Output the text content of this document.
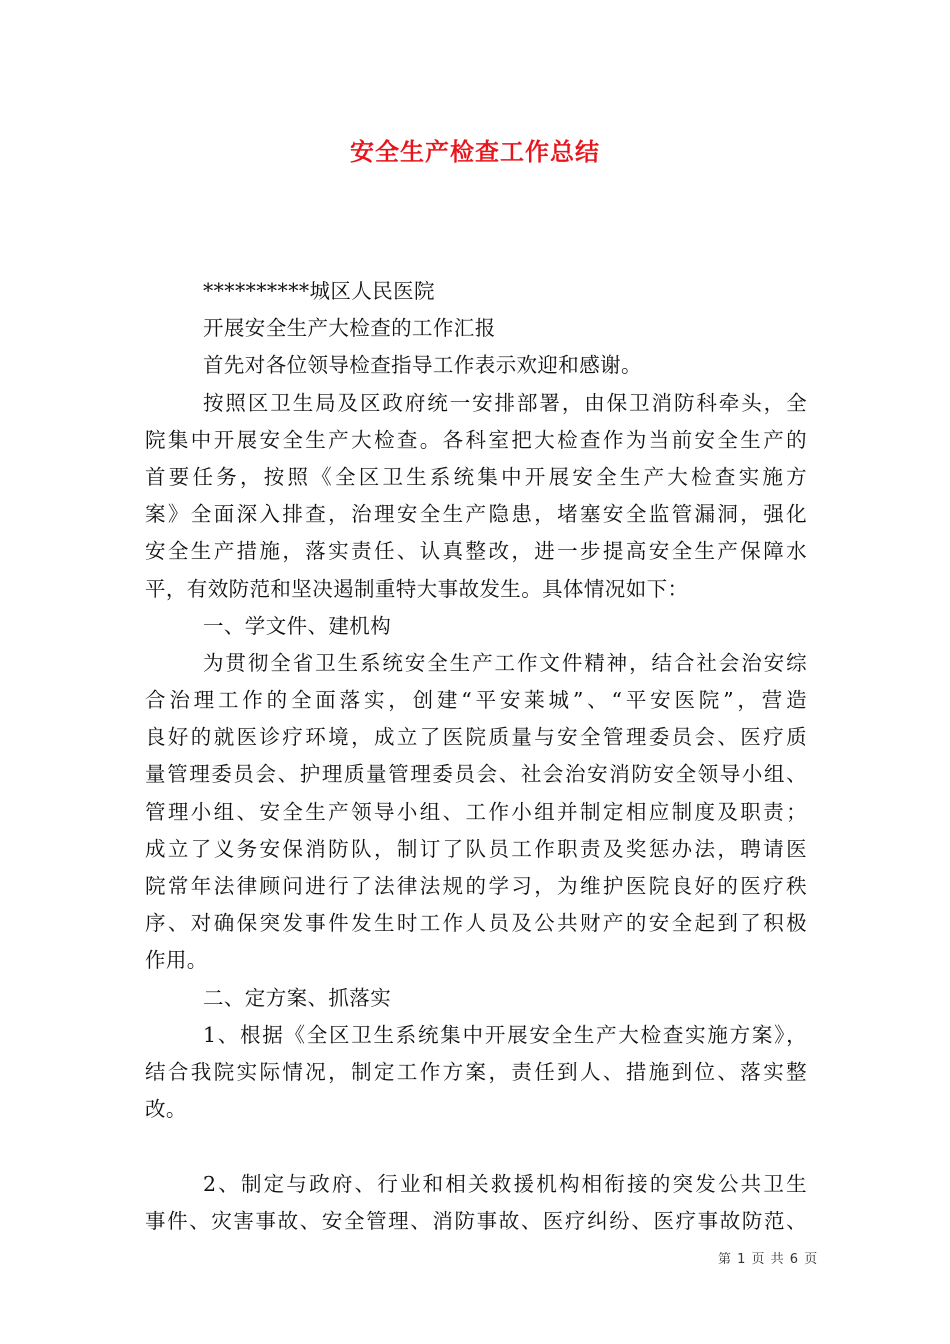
安全生产检查工作总结
**********城区人民医院
开展安全生产大检查的工作汇报
首先对各位领导检查指导工作表示欢迎和感谢。
按照区卫生局及区政府统一安排部署，由保卫消防科牵头，全
院集中开展安全生产大检查。各科室把大检查作为当前安全生产的
首要任务，按照《全区卫生系统集中开展安全生产大检查实施方
案》全面深入排查，治理安全生产隐患，堵塞安全监管漏洞，强化
安全生产措施，落实责任、认真整改，进一步提高安全生产保障水
平，有效防范和坚决遏制重特大事故发生。具体情况如下：
一、学文件、建机构
为贯彻全省卫生系统安全生产工作文件精神，结合社会治安综
合治理工作的全面落实，创建“平安莱城”、“平安医院”，营造
良好的就医诊疗环境，成立了医院质量与安全管理委员会、医疗质
量管理委员会、护理质量管理委员会、社会治安消防安全领导小组、
管理小组、安全生产领导小组、工作小组并制定相应制度及职责；
成立了义务安保消防队，制订了队员工作职责及奖惩办法，聘请医
院常年法律顾问进行了法律法规的学习，为维护医院良好的医疗秩
序、对确保突发事件发生时工作人员及公共财产的安全起到了积极
作用。
二、定方案、抓落实
1、根据《全区卫生系统集中开展安全生产大检查实施方案》，
结合我院实际情况，制定工作方案，责任到人、措施到位、落实整
改。
2、制定与政府、行业和相关救援机构相衔接的突发公共卫生
事件、灾害事故、安全管理、消防事故、医疗纠纷、医疗事故防范、
第 1 页 共 6 页
